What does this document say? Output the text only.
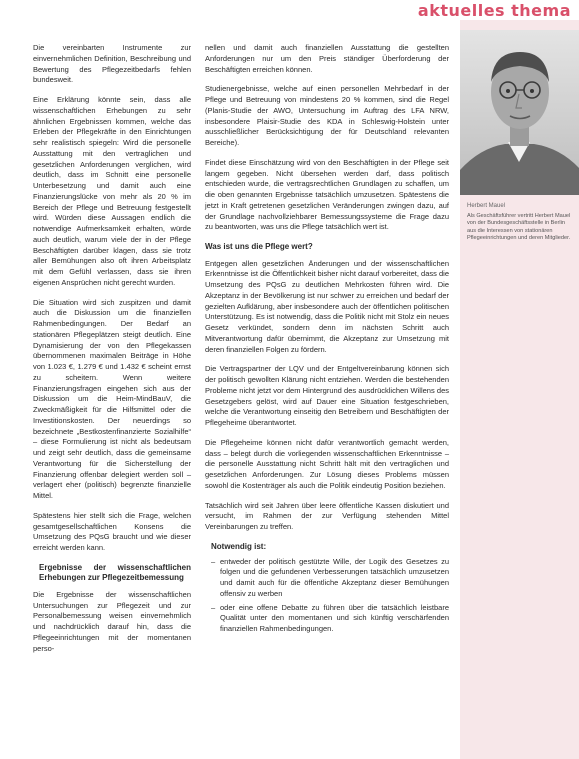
aktuelles thema

Die vereinbarten Instrumente zur einvernehmlichen Definition, Beschreibung und Bewertung des Pflegezeitbedarfs fehlen bundesweit.

Eine Erklärung könnte sein, dass alle wissenschaftlichen Erhebungen zu sehr ähnlichen Ergebnissen kommen, welche das Erleben der Pflegekräfte in den Einrichtungen sehr realistisch spiegeln: Wird die personelle Ausstattung mit den vertraglichen und gesetzlichen Anforderungen verglichen, wird deutlich, dass im Schnitt eine personelle Unterbesetzung und damit auch eine Finanzierungslücke von mehr als 20 % im Bereich der Pflege und Betreuung festgestellt wird. Würden diese Aussagen endlich die notwendige Aufmerksamkeit erhalten, würde auch deutlich, warum viele der in der Pflege Beschäftigten darüber klagen, dass sie trotz aller Bemühungen also oft ihren Arbeitsplatz mit dem Gefühl verlassen, dass sie ihren eigenen Ansprüchen nicht gerecht wurden.

Die Situation wird sich zuspitzen und damit auch die Diskussion um die finanziellen Rahmenbedingungen. Der Bedarf an stationären Pflegeplätzen steigt deutlich. Eine Dynamisierung der von den Pflegekassen übernommenen maximalen Beiträge in Höhe von 1.023 €, 1.279 € und 1.432 € scheint ernst zu scheitern. Wenn weitere Finanzierungsfragen eingehen sich aus der Diskussion um die Heim-MindBauV, die Zweckmäßigkeit für die Hilfsmittel oder die Investitionskosten. Der neuerdings so bezeichnete „Bestkostenfinanzierte Sozialhilfe“ – diese Formulierung ist nicht als bedeutsam und zeigt sehr deutlich, dass die gemeinsame Verantwortung für die Sicherstellung der Finanzierung offenbar delegiert werden soll – verlagert eher (politisch) begrenzte finanzielle Mittel.

Spätestens hier stellt sich die Frage, welchen gesamtgesellschaftlichen Konsens die Umsetzung des PQsG braucht und wie dieser erreicht werden kann.

Ergebnisse der wissenschaftlichen Erhebungen zur Pflegezeitbemessung

Die Ergebnisse der wissenschaftlichen Untersuchungen zur Pflegezeit und zur Personalbemessung weisen einvernehmlich und nachdrücklich darauf hin, dass die Pflegeeinrichtungen mit der momentanen perso-

nellen und damit auch finanziellen Ausstattung die gestellten Anforderungen nur um den Preis ständiger Überforderung der Beschäftigten erreichen können.

Studienergebnisse, welche auf einen personellen Mehrbedarf in der Pflege und Betreuung von mindestens 20 % kommen, sind die Regel (Planis-Studie der AWO, Untersuchung im Auftrag des LFA NRW, insbesondere Plaisir-Studie des KDA in Schleswig-Holstein unter ausschließlicher Berücksichtigung der für Deutschland relevanten Bereiche).

Findet diese Einschätzung wird von den Beschäftigten in der Pflege seit langem gegeben. Nicht übersehen werden darf, dass politisch entschieden wurde, die vertragsrechtlichen Grundlagen zu schaffen, um die oben genannten Ergebnisse tatsächlich umzusetzen. Spätestens die jetzt in Kraft getretenen gesetzlichen Veränderungen zwingen dazu, auf der Grundlage nachvollziehbarer Bemessungssysteme die Frage dazu zu beantworten, was uns die Pflege tatsächlich wert ist.

Was ist uns die Pflege wert?

Entgegen allen gesetzlichen Änderungen und der wissenschaftlichen Erkenntnisse ist die Öffentlichkeit bisher nicht darauf vorbereitet, dass die Umsetzung des PQsG zu deutlichen Mehrkosten führen wird. Die Akzeptanz in der Bevölkerung ist nur schwer zu erreichen und bedarf der gezielten Aufklärung, aber insbesondere auch der öffentlichen politischen Unterstützung. Es ist notwendig, dass die Politik nicht mit Stolz ein neues Gesetz verkündet, sondern denn im nächsten Schritt auch Mitverantwortung dafür übernimmt, die Akzeptanz zur Umsetzung mit deren finanziellen Folgen zu fördern.

Die Vertragspartner der LQV und der Entgeltvereinbarung können sich der politisch gewollten Klärung nicht entziehen. Werden die bestehenden Probleme nicht jetzt vor dem Hintergrund des ausdrücklichen Willens des Gesetzgebers gelöst, wird auf Dauer eine Situation festgeschrieben, welche die Verantwortung einseitig den Betreibern und Beschäftigten der Pflegeheime überantwortet.

Die Pflegeheime können nicht dafür verantwortlich gemacht werden, dass – belegt durch die vorliegenden wissenschaftlichen Erkenntnisse – die personelle Ausstattung nicht Schritt hält mit den vertraglichen und gesetzlichen Anforderungen. Zur Lösung dieses Problems müssen sowohl die Kostenträger als auch die Politik eindeutig Position beziehen.

Tatsächlich wird seit Jahren über leere öffentliche Kassen diskutiert und versucht, im Rahmen der zur Verfügung stehenden Mittel Vereinbarungen zu treffen.

Notwendig ist:
– entweder der politisch gestützte Wille, der Logik des Gesetzes zu folgen und die gefundenen Verbesserungen tatsächlich umzusetzen und damit auch für die öffentliche Akzeptanz dieser Bemühungen offensiv zu werben
– oder eine offene Debatte zu führen über die tatsächlich leistbare Qualität unter den momentanen und sich künftig verschärfenden finanziellen Rahmenbedingungen.
Herbert Mauel
Als Geschäftsführer vertritt Herbert Mauel von der Bundesgeschäftsstelle in Berlin aus die Interessen von stationären Pflegeeinrichtungen und deren Mitglieder.
